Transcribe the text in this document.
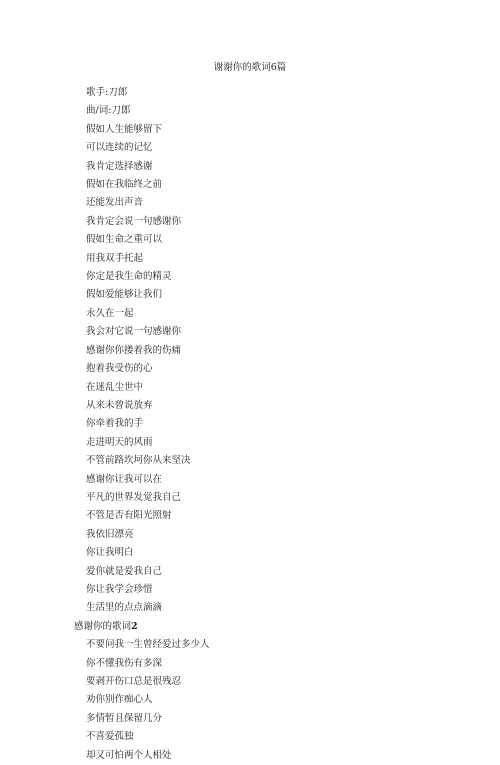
谢谢你的歌词6篇
歌手:刀郎
曲/词:刀郎
假如人生能够留下
可以连续的记忆
我肯定选择感谢
假如在我临终之前
还能发出声音
我肯定会说一句感谢你
假如生命之重可以
用我双手托起
你定是我生命的精灵
假如爱能够让我们
永久在一起
我会对它说一句感谢你
感谢你你搂着我的伤痛
抱着我受伤的心
在迷乱尘世中
从来未曾说放弃
你牵着我的手
走进明天的风雨
不管前路坎坷你从来坚决
感谢你让我可以在
平凡的世界发觉我自己
不管是否有阳光照射
我依旧漂亮
你让我明白
爱你就是爱我自己
你让我学会珍惜
生活里的点点滴滴
感谢你的歌词2
不要问我一生曾经爱过多少人
你不懂我伤有多深
要剥开伤口总是很残忍
劝你别作痴心人
多情暂且保留几分
不喜爱孤独
却又可怕两个人相处
